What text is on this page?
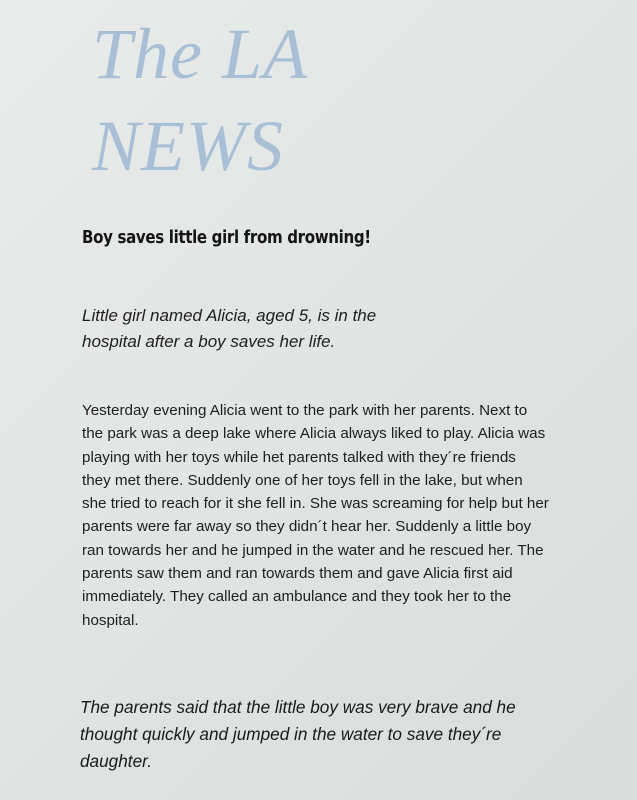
The LA
NEWS
Boy saves little girl from drowning!
Little girl named Alicia, aged 5, is in the
hospital after a boy saves her life.
Yesterday evening Alicia went to the park with her parents. Next to
the park was a deep lake where Alicia always liked to play. Alicia was
playing with her toys while het parents talked with they´re friends
they met there. Suddenly one of her toys fell in the lake, but when
she tried to reach for it she fell in. She was screaming for help but her
parents were far away so they didn´t hear her. Suddenly a little boy
ran towards her and he jumped in the water and he rescued her. The
parents saw them and ran towards them and gave Alicia first aid
immediately. They called an ambulance and they took her to the
hospital.
The parents said that the little boy was very brave and he
thought quickly and jumped in the water to save they´re
daughter.
